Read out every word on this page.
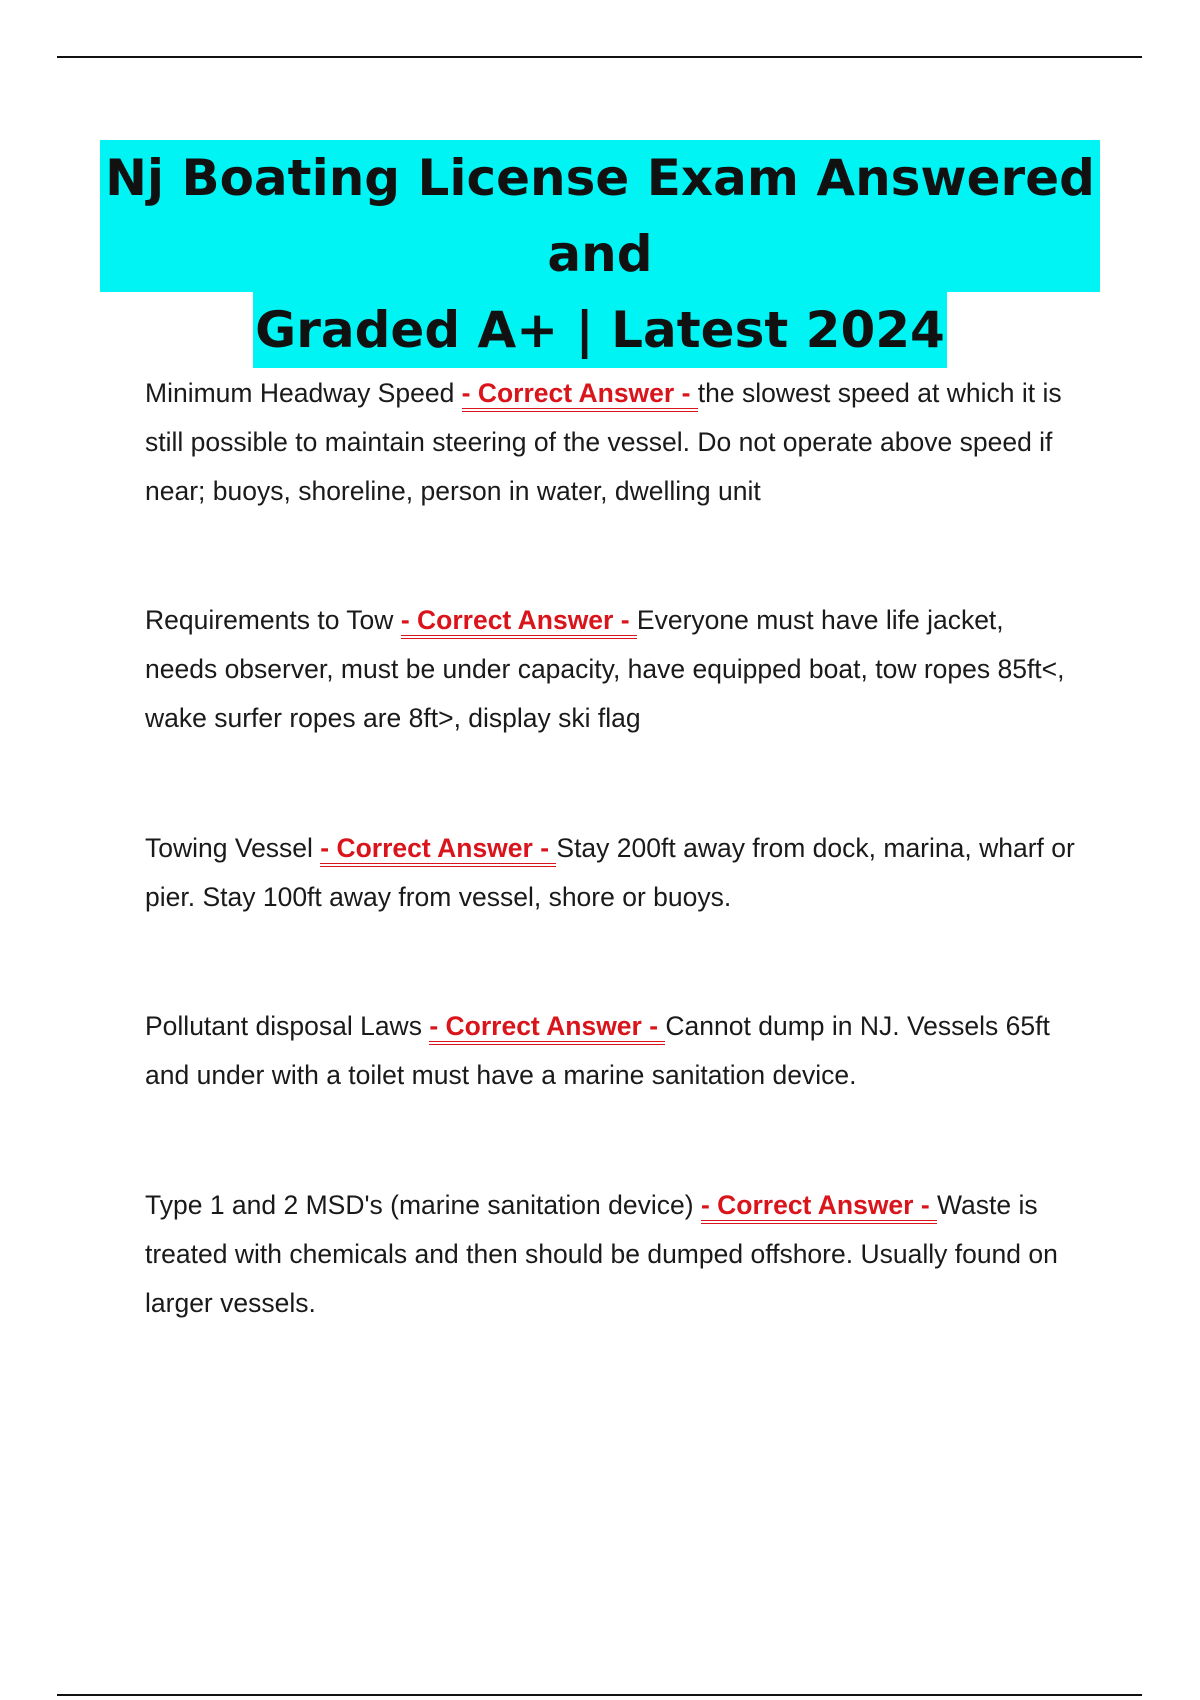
Nj Boating License Exam Answered and
Graded A+ | Latest 2024

Minimum Headway Speed - Correct Answer - the slowest speed at which it is still possible to maintain steering of the vessel. Do not operate above speed if near; buoys, shoreline, person in water, dwelling unit

Requirements to Tow - Correct Answer - Everyone must have life jacket, needs observer, must be under capacity, have equipped boat, tow ropes 85ft<, wake surfer ropes are 8ft>, display ski flag

Towing Vessel - Correct Answer - Stay 200ft away from dock, marina, wharf or pier. Stay 100ft away from vessel, shore or buoys.

Pollutant disposal Laws - Correct Answer - Cannot dump in NJ. Vessels 65ft and under with a toilet must have a marine sanitation device.

Type 1 and 2 MSD's (marine sanitation device) - Correct Answer - Waste is treated with chemicals and then should be dumped offshore. Usually found on larger vessels.
